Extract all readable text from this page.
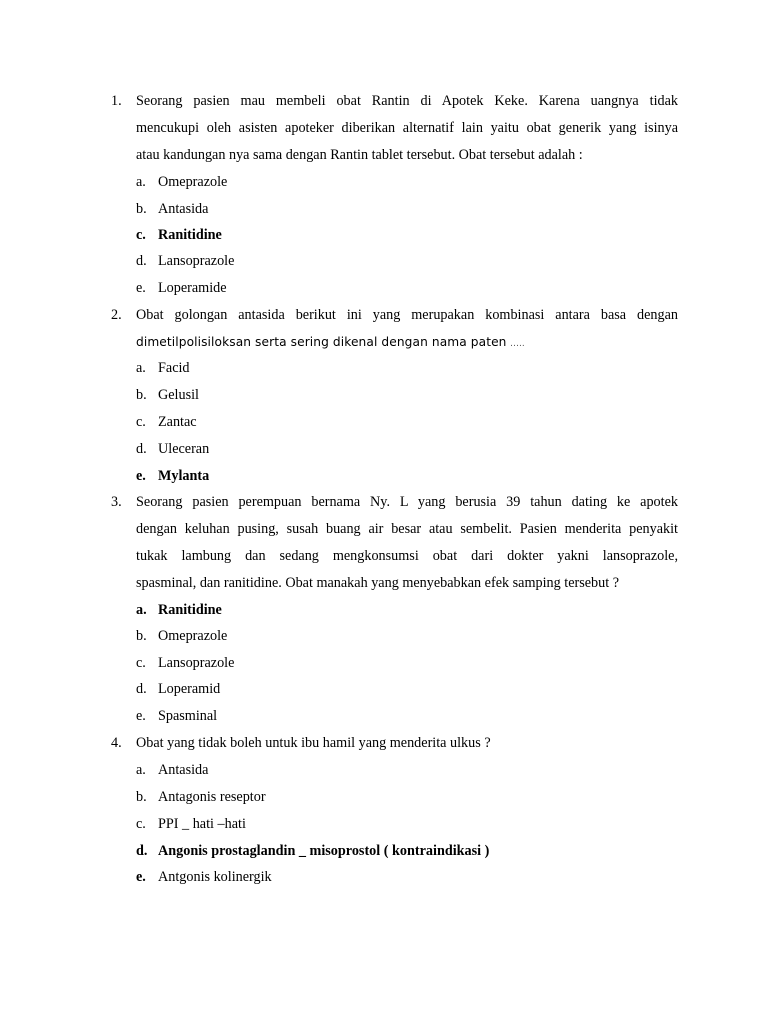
1.	Seorang pasien mau membeli obat Rantin di Apotek Keke. Karena uangnya tidak
mencukupi oleh asisten apoteker diberikan alternatif lain yaitu obat generik yang isinya
atau kandungan nya sama dengan Rantin tablet tersebut. Obat tersebut adalah :
a. Omeprazole
b. Antasida
c. Ranitidine
d. Lansoprazole
e. Loperamide
2.	Obat golongan antasida berikut ini yang merupakan kombinasi antara basa dengan
dimetilpolisiloksan serta sering dikenal dengan nama paten …..
a. Facid
b. Gelusil
c. Zantac
d. Uleceran
e. Mylanta
3.	Seorang pasien perempuan bernama Ny. L yang berusia 39 tahun dating ke apotek
dengan keluhan pusing, susah buang air besar atau sembelit. Pasien menderita penyakit
tukak lambung dan sedang mengkonsumsi obat dari dokter yakni lansoprazole,
spasminal, dan ranitidine. Obat manakah yang menyebabkan efek samping tersebut ?
a. Ranitidine
b. Omeprazole
c. Lansoprazole
d. Loperamid
e. Spasminal
4.	Obat yang tidak boleh untuk ibu hamil yang menderita ulkus ?
a. Antasida
b. Antagonis reseptor
c. PPI _ hati –hati
d. Angonis prostaglandin _ misoprostol ( kontraindikasi )
e. Antgonis kolinergik
